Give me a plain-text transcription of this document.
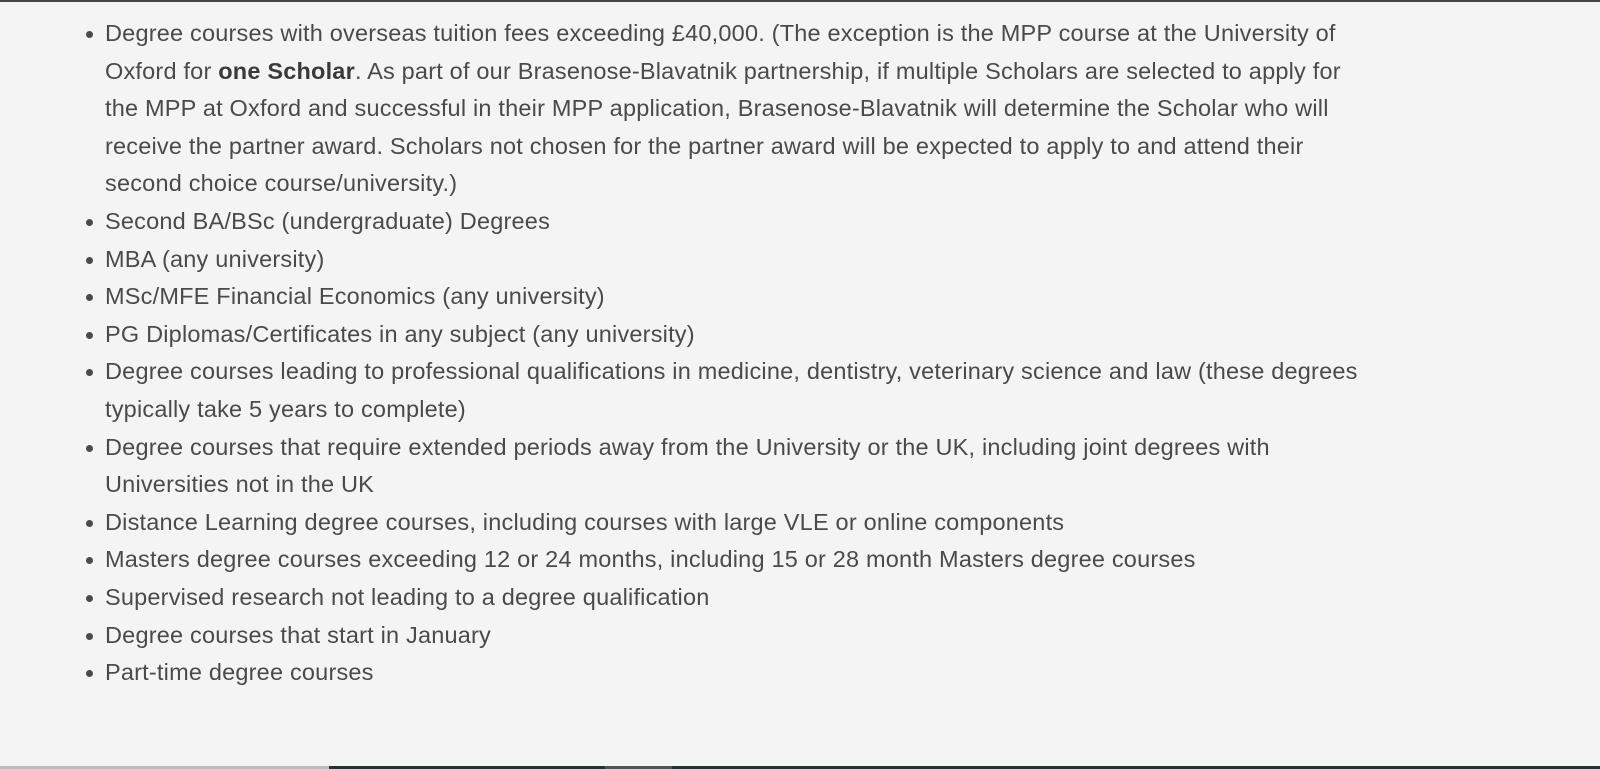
Degree courses with overseas tuition fees exceeding £40,000. (The exception is the MPP course at the University of Oxford for one Scholar. As part of our Brasenose-Blavatnik partnership, if multiple Scholars are selected to apply for the MPP at Oxford and successful in their MPP application, Brasenose-Blavatnik will determine the Scholar who will receive the partner award. Scholars not chosen for the partner award will be expected to apply to and attend their second choice course/university.)
Second BA/BSc (undergraduate) Degrees
MBA (any university)
MSc/MFE Financial Economics (any university)
PG Diplomas/Certificates in any subject (any university)
Degree courses leading to professional qualifications in medicine, dentistry, veterinary science and law (these degrees typically take 5 years to complete)
Degree courses that require extended periods away from the University or the UK, including joint degrees with Universities not in the UK
Distance Learning degree courses, including courses with large VLE or online components
Masters degree courses exceeding 12 or 24 months, including 15 or 28 month Masters degree courses
Supervised research not leading to a degree qualification
Degree courses that start in January
Part-time degree courses
